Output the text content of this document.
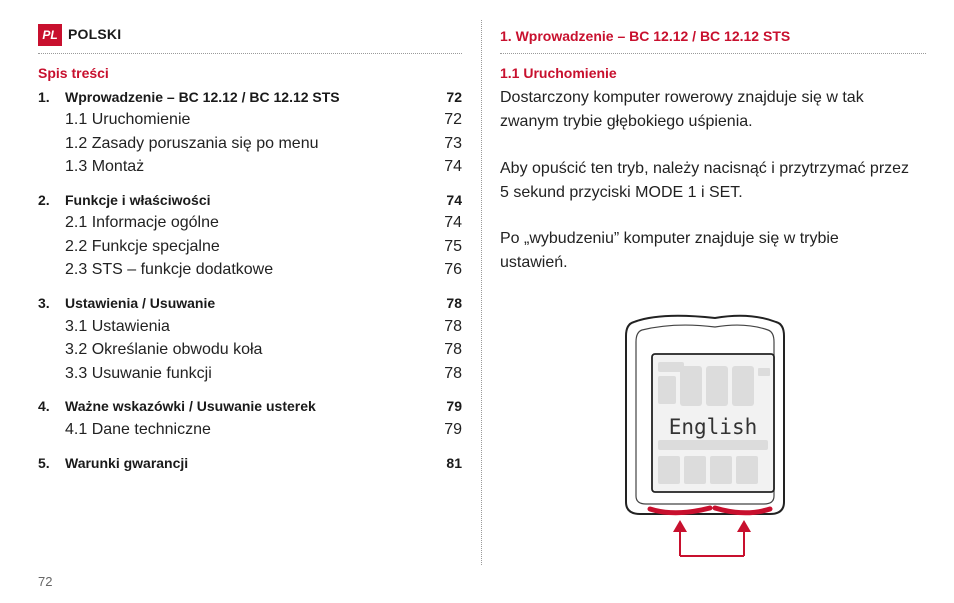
PL POLSKI	1. Wprowadzenie – BC 12.12 / BC 12.12 STS
Spis treści
1. Wprowadzenie – BC 12.12 / BC 12.12 STS	72
1.1 Uruchomienie	72
1.2 Zasady poruszania się po menu	73
1.3 Montaż	74
2. Funkcje i właściwości	74
2.1 Informacje ogólne	74
2.2 Funkcje specjalne	75
2.3 STS – funkcje dodatkowe	76
3. Ustawienia / Usuwanie	78
3.1 Ustawienia	78
3.2 Określanie obwodu koła	78
3.3 Usuwanie funkcji	78
4. Ważne wskazówki / Usuwanie usterek	79
4.1 Dane techniczne	79
5. Warunki gwarancji	81
1.1 Uruchomienie
Dostarczony komputer rowerowy znajduje się w tak zwanym trybie głębokiego uśpienia.
Aby opuścić ten tryb, należy nacisnąć i przytrzymać przez 5 sekund przyciski MODE 1 i SET.
Po „wybudzeniu” komputer znajduje się w trybie ustawień.
English
72
